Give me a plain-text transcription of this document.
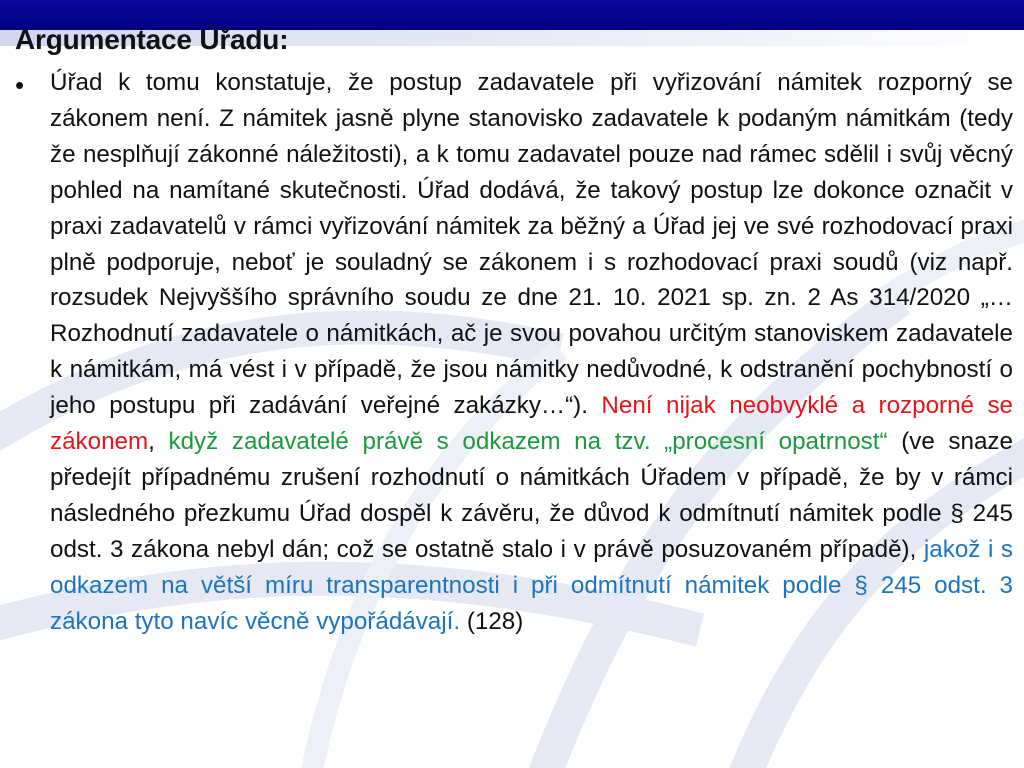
Argumentace Úřadu:
• Úřad k tomu konstatuje, že postup zadavatele při vyřizování námitek rozporný se zákonem není. Z námitek jasně plyne stanovisko zadavatele k podaným námitkám (tedy že nesplňují zákonné náležitosti), a k tomu zadavatel pouze nad rámec sdělil i svůj věcný pohled na namítané skutečnosti. Úřad dodává, že takový postup lze dokonce označit v praxi zadavatelů v rámci vyřizování námitek za běžný a Úřad jej ve své rozhodovací praxi plně podporuje, neboť je souladný se zákonem i s rozhodovací praxi soudů (viz např. rozsudek Nejvyššího správního soudu ze dne 21. 10. 2021 sp. zn. 2 As 314/2020 „…Rozhodnutí zadavatele o námitkách, ač je svou povahou určitým stanoviskem zadavatele k námitkám, má vést i v případě, že jsou námitky nedůvodné, k odstranění pochybností o jeho postupu při zadávání veřejné zakázky…“). Není nijak neobvyklé a rozporné se zákonem, když zadavatelé právě s odkazem na tzv. „procesní opatrnost“ (ve snaze předejít případnému zrušení rozhodnutí o námitkách Úřadem v případě, že by v rámci následného přezkumu Úřad dospěl k závěru, že důvod k odmítnutí námitek podle § 245 odst. 3 zákona nebyl dán; což se ostatně stalo i v právě posuzovaném případě), jakož i s odkazem na větší míru transparentnosti i při odmítnutí námitek podle § 245 odst. 3 zákona tyto navíc věcně vypořádávají. (128)
